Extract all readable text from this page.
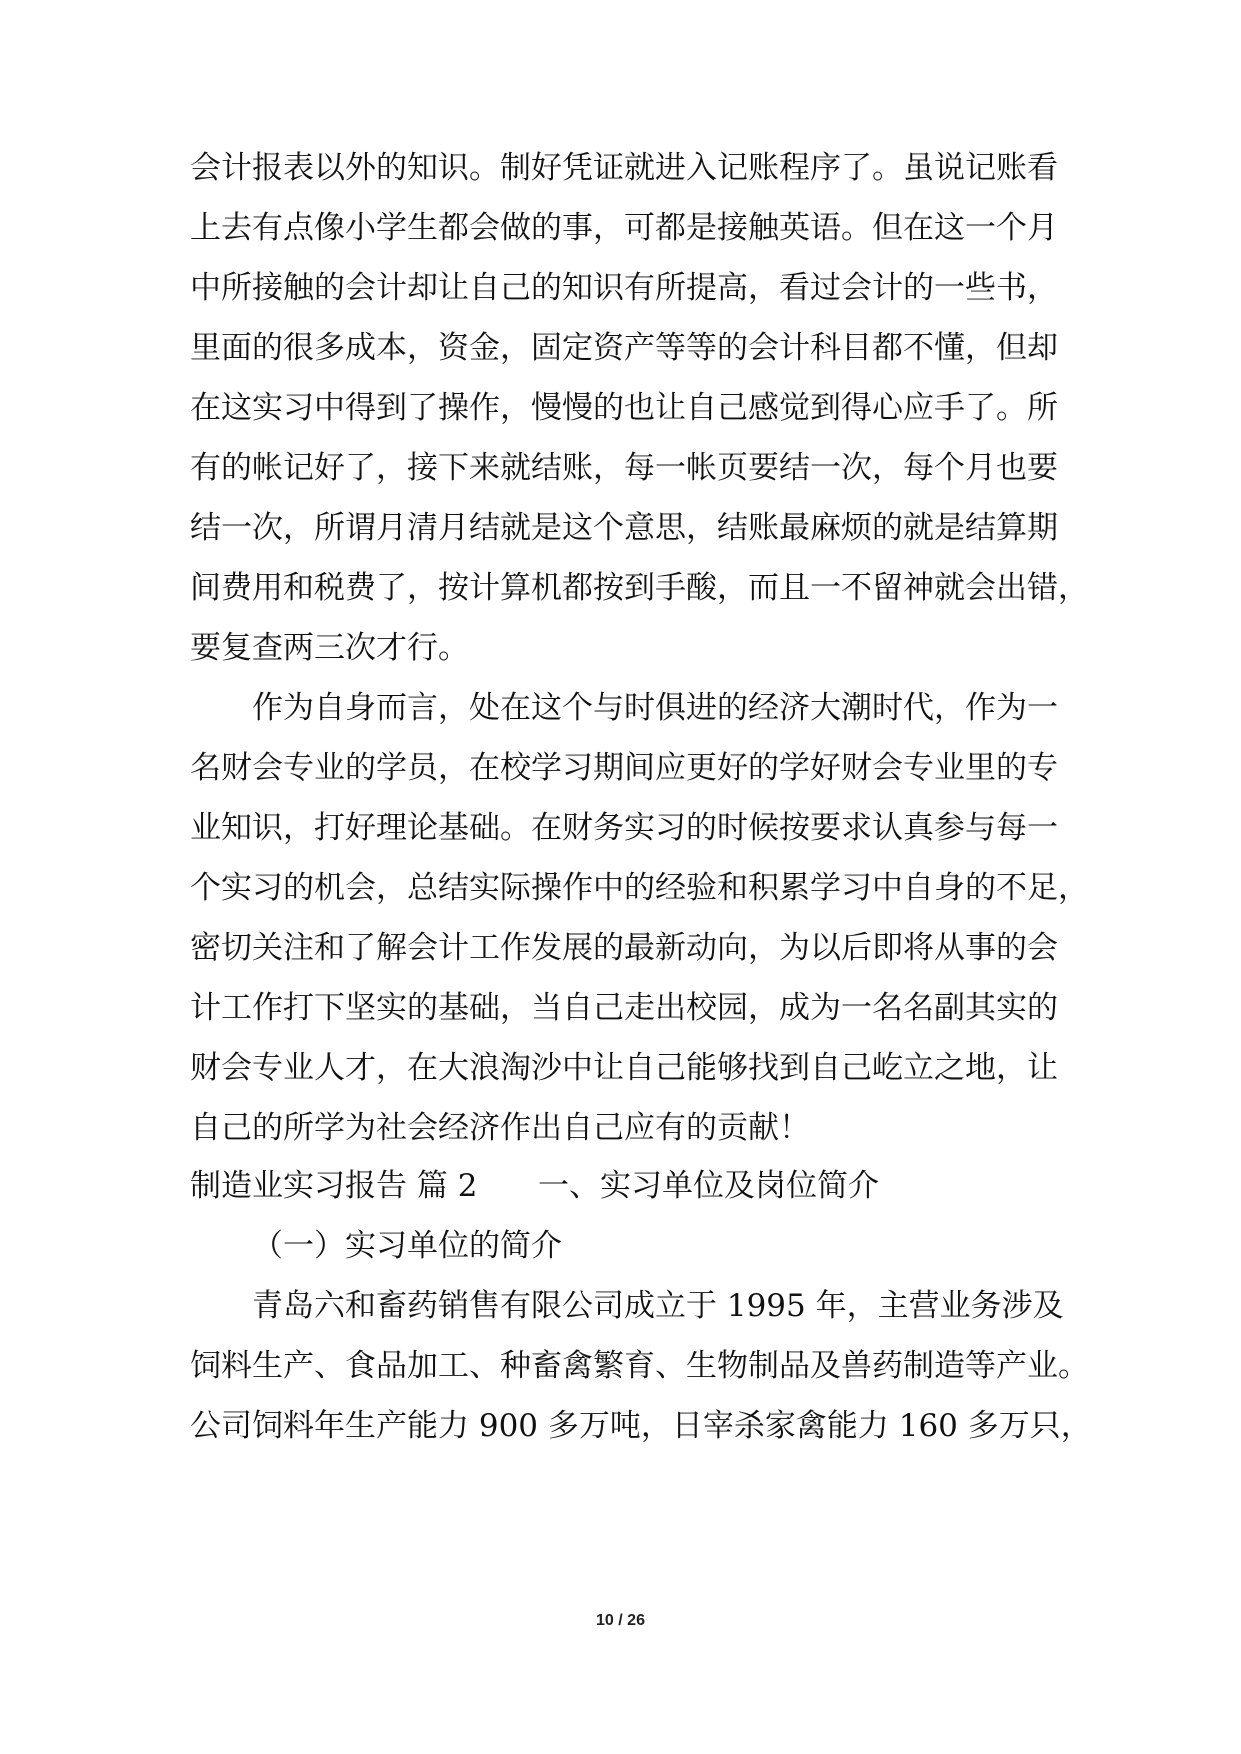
会计报表以外的知识。制好凭证就进入记账程序了。虽说记账看
上去有点像小学生都会做的事，可都是接触英语。但在这一个月
中所接触的会计却让自己的知识有所提高，看过会计的一些书，
里面的很多成本，资金，固定资产等等的会计科目都不懂，但却
在这实习中得到了操作，慢慢的也让自己感觉到得心应手了。所
有的帐记好了，接下来就结账，每一帐页要结一次，每个月也要
结一次，所谓月清月结就是这个意思，结账最麻烦的就是结算期
间费用和税费了，按计算机都按到手酸，而且一不留神就会出错，
要复查两三次才行。
作为自身而言，处在这个与时俱进的经济大潮时代，作为一
名财会专业的学员，在校学习期间应更好的学好财会专业里的专
业知识，打好理论基础。在财务实习的时候按要求认真参与每一
个实习的机会，总结实际操作中的经验和积累学习中自身的不足，
密切关注和了解会计工作发展的最新动向，为以后即将从事的会
计工作打下坚实的基础，当自己走出校园，成为一名名副其实的
财会专业人才，在大浪淘沙中让自己能够找到自己屹立之地，让
自己的所学为社会经济作出自己应有的贡献！
制造业实习报告 篇 2 一、实习单位及岗位简介
（一）实习单位的简介
青岛六和畜药销售有限公司成立于 1995 年，主营业务涉及
饲料生产、食品加工、种畜禽繁育、生物制品及兽药制造等产业。
公司饲料年生产能力 900 多万吨，日宰杀家禽能力 160 多万只，
10 / 26
